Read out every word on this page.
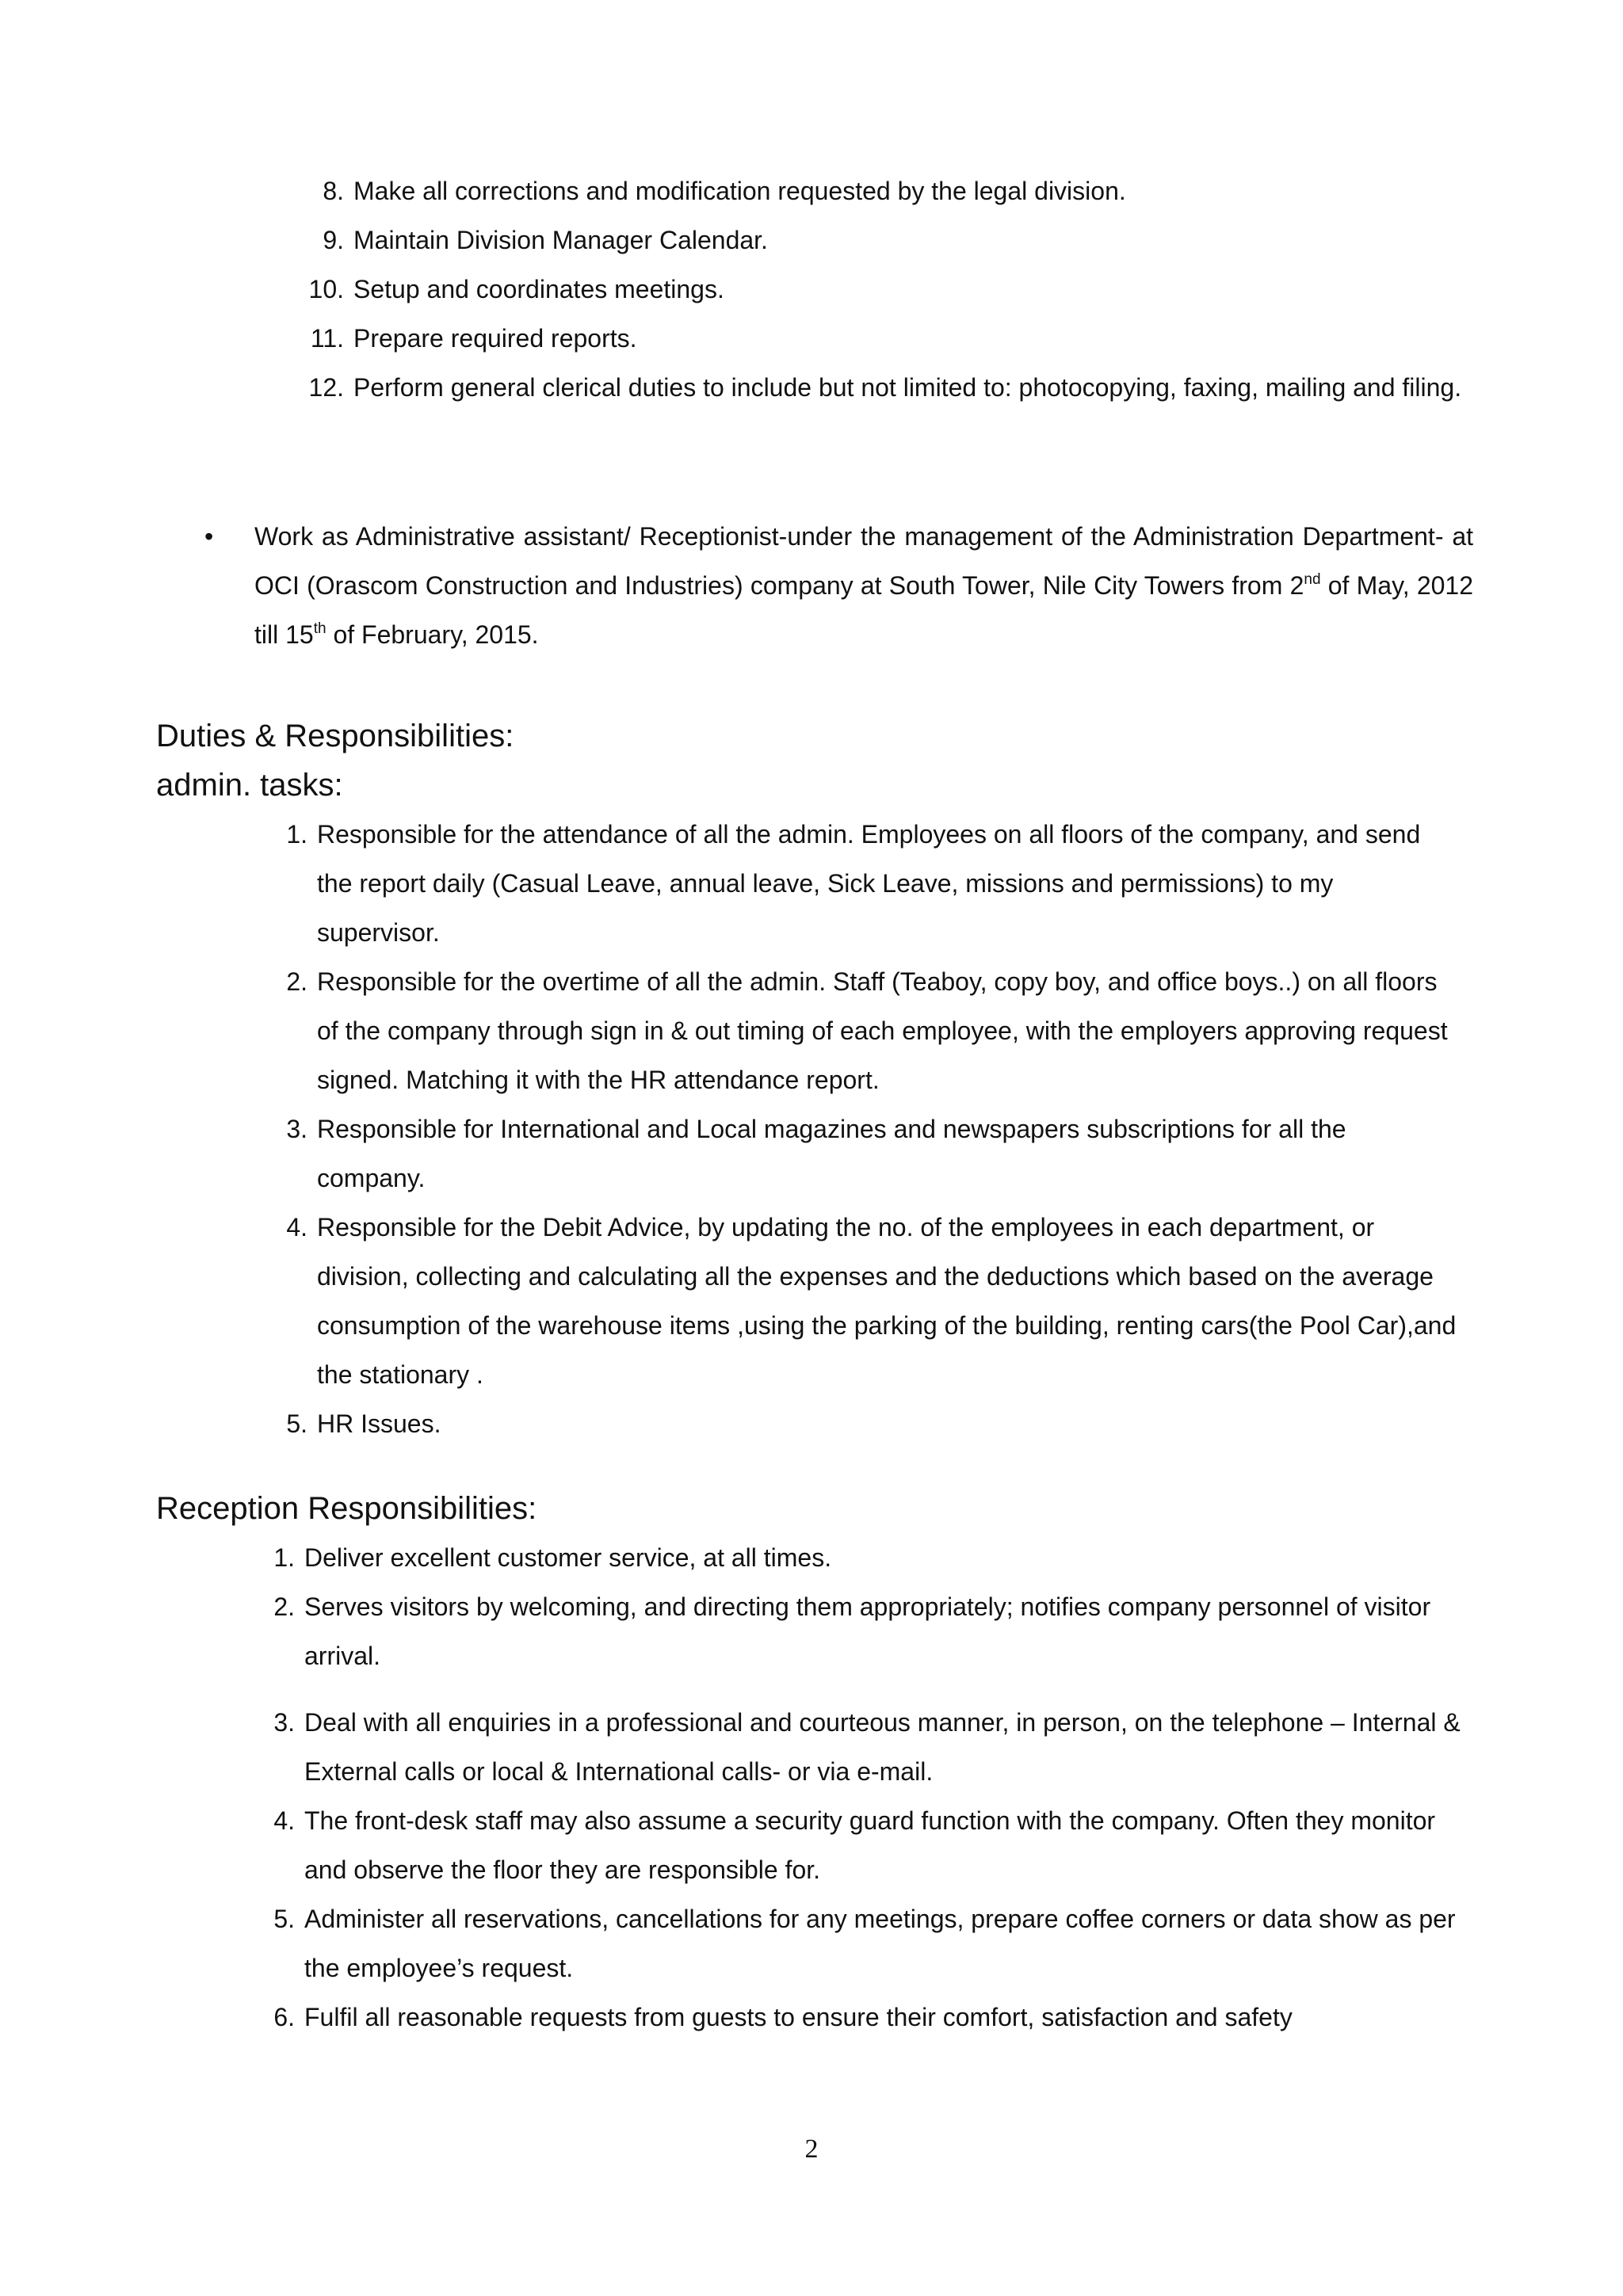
8. Make all corrections and modification requested by the legal division.
9. Maintain Division Manager Calendar.
10. Setup and coordinates meetings.
11. Prepare required reports.
12. Perform general clerical duties to include but not limited to: photocopying, faxing, mailing and filing.
• Work as Administrative assistant/ Receptionist-under the management of the Administration Department- at OCI (Orascom Construction and Industries) company at South Tower, Nile City Towers from 2nd of May, 2012 till 15th of February, 2015.

Duties & Responsibilities:
admin. tasks:
1. Responsible for the attendance of all the admin. Employees on all floors of the company, and send the report daily (Casual Leave, annual leave, Sick Leave, missions and permissions) to my supervisor.
2. Responsible for the overtime of all the admin. Staff (Teaboy, copy boy, and office boys..) on all floors of the company through sign in & out timing of each employee, with the employers approving request signed. Matching it with the HR attendance report.
3. Responsible for International and Local magazines and newspapers subscriptions for all the company.
4. Responsible for the Debit Advice, by updating the no. of the employees in each department, or division, collecting and calculating all the expenses and the deductions which based on the average consumption of the warehouse items ,using the parking of the building, renting cars(the Pool Car),and the stationary .
5. HR Issues.
Reception Responsibilities:
1. Deliver excellent customer service, at all times.
2. Serves visitors by welcoming, and directing them appropriately; notifies company personnel of visitor arrival.
3. Deal with all enquiries in a professional and courteous manner, in person, on the telephone – Internal & External calls or local & International calls- or via e-mail.
4. The front-desk staff may also assume a security guard function with the company. Often they monitor and observe the floor they are responsible for.
5. Administer all reservations, cancellations for any meetings, prepare coffee corners or data show as per the employee’s request.
6. Fulfil all reasonable requests from guests to ensure their comfort, satisfaction and safety
2
